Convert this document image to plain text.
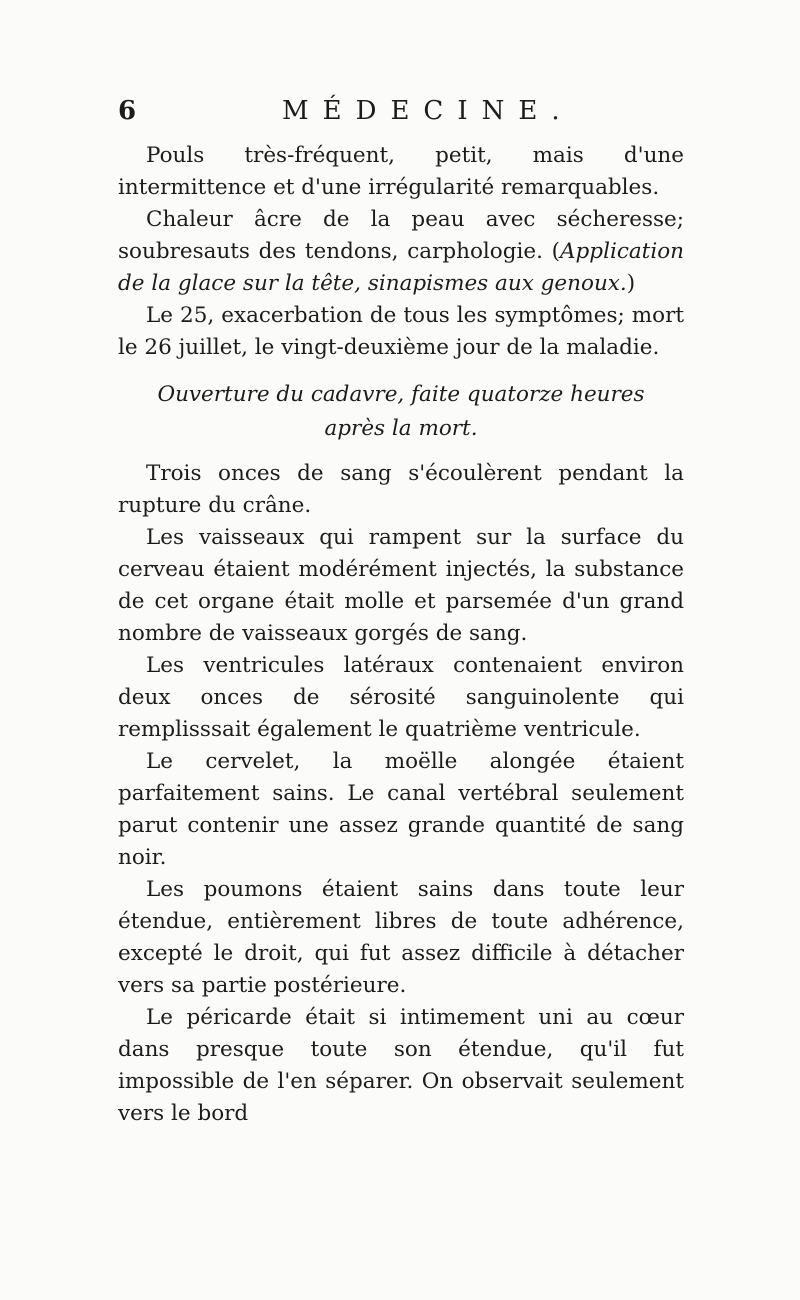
6	MÉDECINE.

Pouls très-fréquent, petit, mais d'une intermittence et d'une irrégularité remarquables.

Chaleur âcre de la peau avec sécheresse; soubresauts des tendons, carphologie. (Application de la glace sur la tête, sinapismes aux genoux.)

Le 25, exacerbation de tous les symptômes; mort le 26 juillet, le vingt-deuxième jour de la maladie.

Ouverture du cadavre, faite quatorze heures
après la mort.

Trois onces de sang s'écoulèrent pendant la rupture du crâne.

Les vaisseaux qui rampent sur la surface du cerveau étaient modérément injectés, la substance de cet organe était molle et parsemée d'un grand nombre de vaisseaux gorgés de sang.

Les ventricules latéraux contenaient environ deux onces de sérosité sanguinolente qui remplisssait également le quatrième ventricule.

Le cervelet, la moëlle alongée étaient parfaitement sains. Le canal vertébral seulement parut contenir une assez grande quantité de sang noir.

Les poumons étaient sains dans toute leur étendue, entièrement libres de toute adhérence, excepté le droit, qui fut assez difficile à détacher vers sa partie postérieure.

Le péricarde était si intimement uni au cœur dans presque toute son étendue, qu'il fut impossible de l'en séparer. On observait seulement vers le bord
